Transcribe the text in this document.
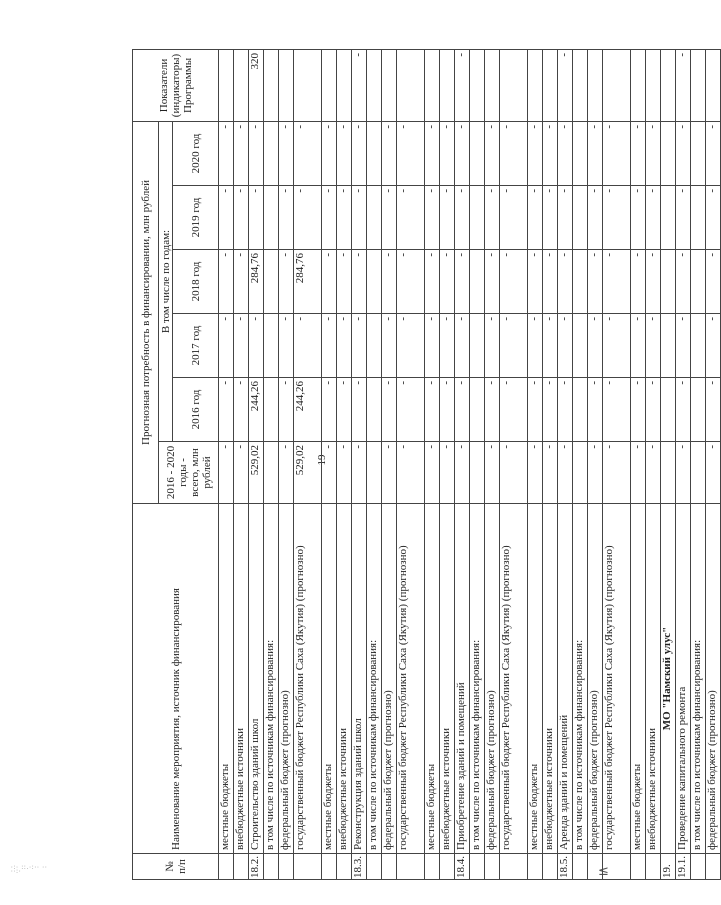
19
·:· ::.·:·· ·· ··:·	≤
№ п/п	Наименование мероприятия, источник финансирования	Прогнозная потребность в финансировании, млн рублей						Показатели (индикаторы) Программы
		2016 - 2020 годы - всего, млн рублей	В том числе по годам:					
			2016 год	2017 год	2018 год	2019 год	2020 год	
	местные бюджеты	-	-	-	-	-	-	
	внебюджетные источники	-	-	-	-	-	-	
18.2.	Строительство зданий школ	529,02	244,26	-	284,76	-	-	320
	в том числе по источникам финансирования:							
	федеральный бюджет (прогнозно)	-	-	-	-	-	-	
	государственный бюджет Республики Саха (Якутия) (прогнозно)	529,02	244,26	-	284,76	-	-	
	местные бюджеты	-	-	-	-	-	-	
	внебюджетные источники	-	-	-	-	-	-	
18.3.	Реконструкция зданий школ	-	-	-	-	-	-	-
	в том числе по источникам финансирования:							
	федеральный бюджет (прогнозно)	-	-	-	-	-	-	
	государственный бюджет Республики Саха (Якутия) (прогнозно)	-	-	-	-	-	-	
	местные бюджеты	-	-	-	-	-	-	
	внебюджетные источники	-	-	-	-	-	-	
18.4.	Приобретение зданий и помещений	-	-	-	-	-	-	-
	в том числе по источникам финансирования:							
	федеральный бюджет (прогнозно)	-	-	-	-	-	-	
	государственный бюджет Республики Саха (Якутия) (прогнозно)	-	-	-	-	-	-	
	местные бюджеты	-	-	-	-	-	-	
	внебюджетные источники	-	-	-	-	-	-	
18.5.	Аренда зданий и помещений	-	-	-	-	-	-	-
	в том числе по источникам финансирования:							
	федеральный бюджет (прогнозно)	-	-	-	-	-	-	
	государственный бюджет Республики Саха (Якутия) (прогнозно)	-	-	-	-	-	-	
	местные бюджеты	-	-	-	-	-	-	
	внебюджетные источники	-	-	-	-	-	-	
19.	МО "Намский улус"							
19.1.	Проведение капитального ремонта	-	-	-	-	-	-	-
	в том числе по источникам финансирования:							
	федеральный бюджет (прогнозно)	-	-	-	-	-	-	
